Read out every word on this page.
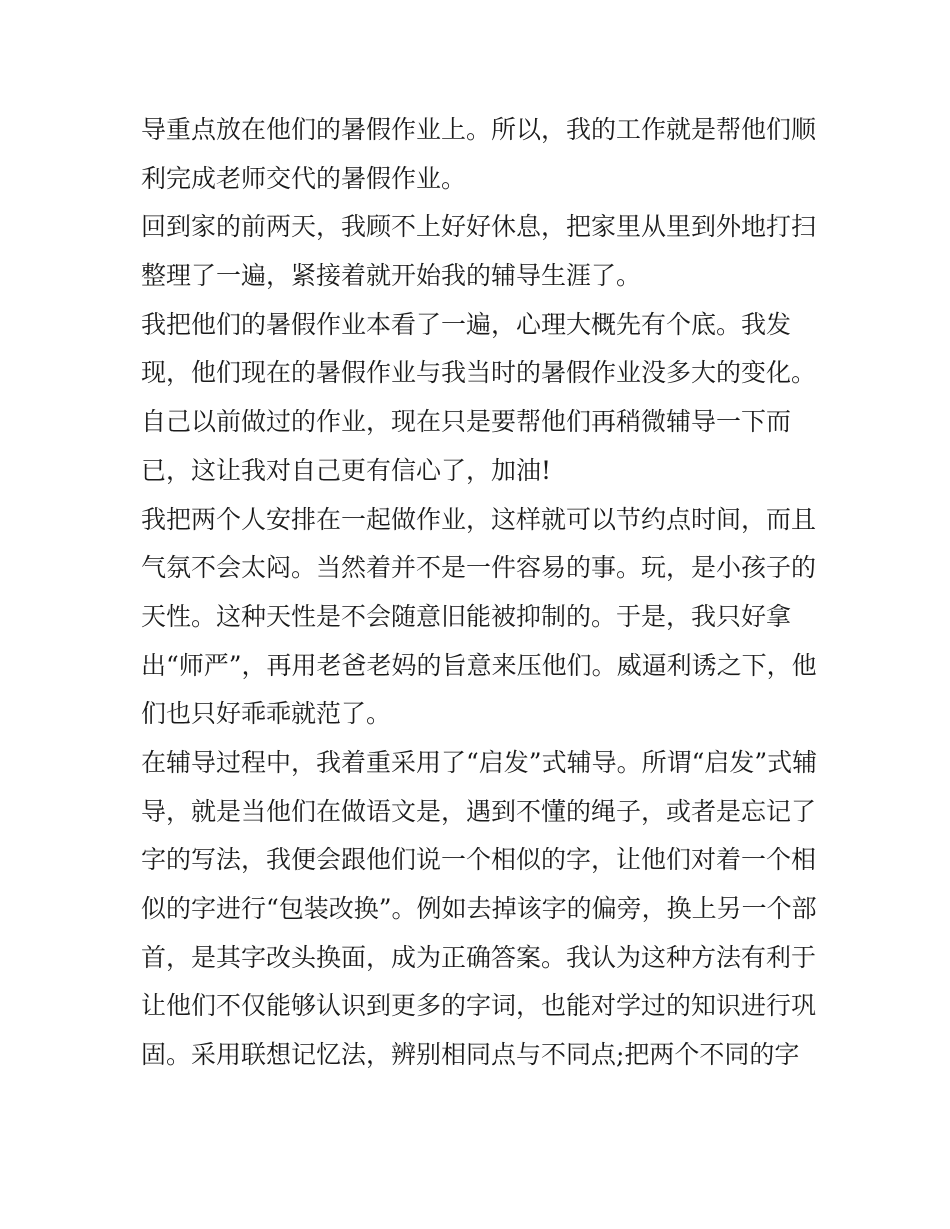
导重点放在他们的暑假作业上。所以，我的工作就是帮他们顺
利完成老师交代的暑假作业。
回到家的前两天，我顾不上好好休息，把家里从里到外地打扫
整理了一遍，紧接着就开始我的辅导生涯了。
我把他们的暑假作业本看了一遍，心理大概先有个底。我发
现，他们现在的暑假作业与我当时的暑假作业没多大的变化。
自己以前做过的作业，现在只是要帮他们再稍微辅导一下而
已，这让我对自己更有信心了，加油!
我把两个人安排在一起做作业，这样就可以节约点时间，而且
气氛不会太闷。当然着并不是一件容易的事。玩，是小孩子的
天性。这种天性是不会随意旧能被抑制的。于是，我只好拿
出“师严”，再用老爸老妈的旨意来压他们。威逼利诱之下，他
们也只好乖乖就范了。
在辅导过程中，我着重采用了“启发”式辅导。所谓“启发”式辅
导，就是当他们在做语文是，遇到不懂的绳子，或者是忘记了
字的写法，我便会跟他们说一个相似的字，让他们对着一个相
似的字进行“包装改换”。例如去掉该字的偏旁，换上另一个部
首，是其字改头换面，成为正确答案。我认为这种方法有利于
让他们不仅能够认识到更多的字词，也能对学过的知识进行巩
固。采用联想记忆法，辨别相同点与不同点;把两个不同的字
